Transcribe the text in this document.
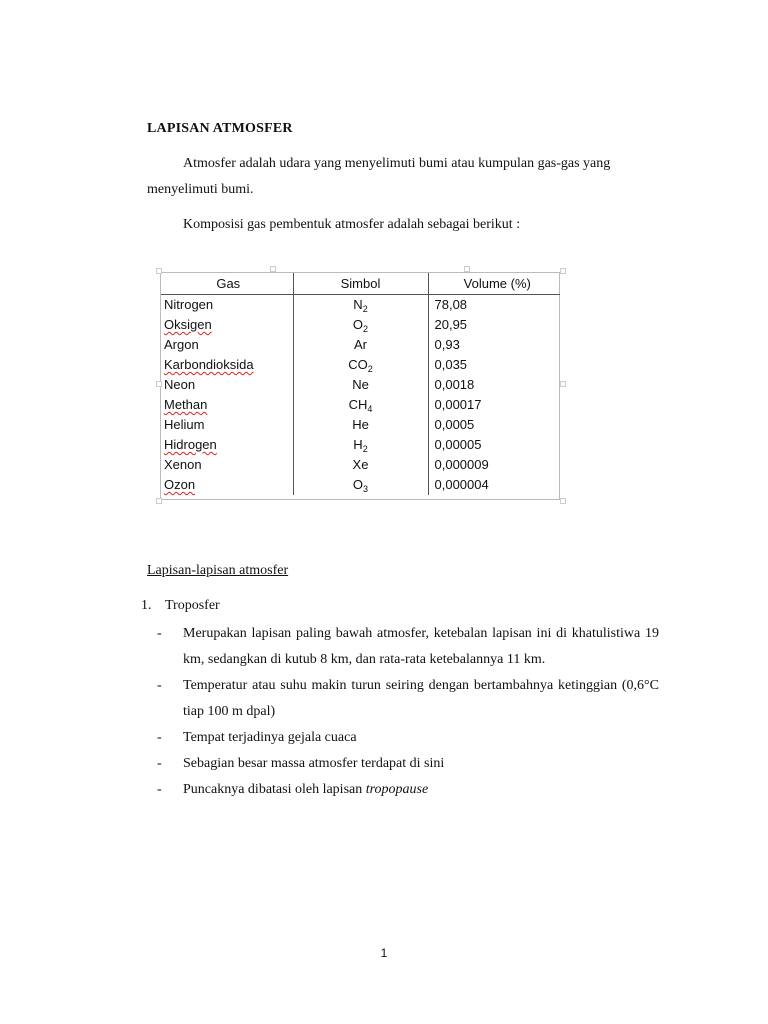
LAPISAN ATMOSFER
Atmosfer adalah udara yang menyelimuti bumi atau kumpulan gas-gas yang menyelimuti bumi.
Komposisi gas pembentuk atmosfer adalah sebagai berikut :
Gas	Simbol	Volume (%)
Nitrogen	$N_2$	78,08
Oksigen	$O_2$	20,95
Argon	Ar	0,93
Karbondioksida	$CO_2$	0,035
Neon	Ne	0,0018
Methan	$CH_4$	0,00017
Helium	He	0,0005
Hidrogen	$H_2$	0,00005
Xenon	Xe	0,000009
Ozon	$O_3$	0,000004
Lapisan-lapisan atmosfer
1. Troposfer
- Merupakan lapisan paling bawah atmosfer, ketebalan lapisan ini di khatulistiwa 19 km, sedangkan di kutub 8 km, dan rata-rata ketebalannya 11 km.
- Temperatur atau suhu makin turun seiring dengan bertambahnya ketinggian (0,6°C tiap 100 m dpal)
- Tempat terjadinya gejala cuaca
- Sebagian besar massa atmosfer terdapat di sini
- Puncaknya dibatasi oleh lapisan tropopause
1
